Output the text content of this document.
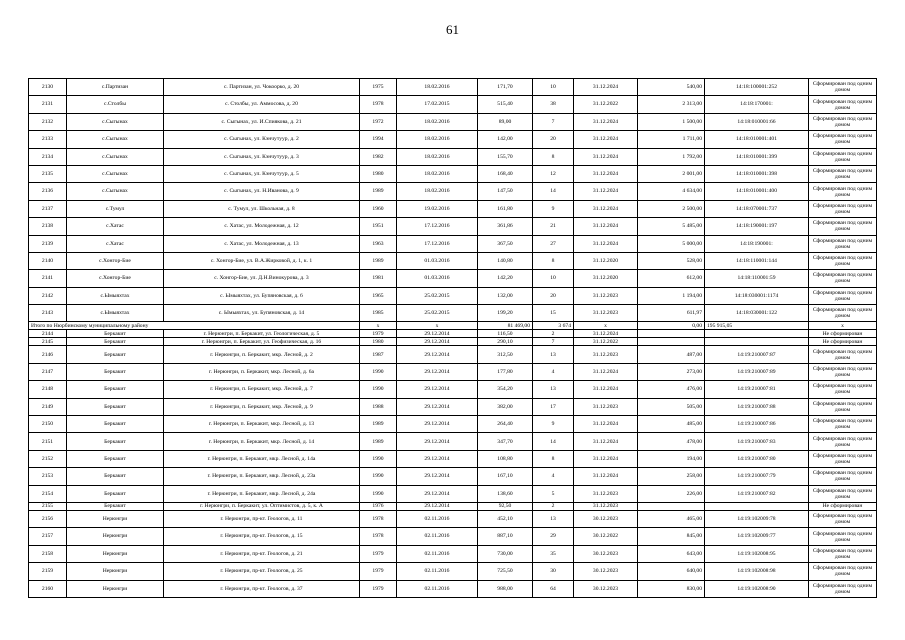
61
2130	с.Партизан	с. Партизан, ул. Чокоорко, д. 20	1975	18.02.2016	171,70	10	31.12.2024	540,00	14:18:100001:252	Сформирован под одним домом
2131	с.Столбы	с. Столбы, ул. Аммосова, д. 20	1978	17.02.2015	515,40	38	31.12.2022	2 313,00	14:18:170001:	Сформирован под одним домом
2132	с.Сыгынах	с. Сыгынах, ул. И.Спиякова, д. 21	1972	18.02.2016	89,00	7	31.12.2024	1 500,00	14:18:010001:66	Сформирован под одним домом
2133	с.Сыгынах	с. Сыгынах, ул. Кэнчутуур, д. 2	1994	18.02.2016	142,00	20	31.12.2024	1 711,00	14:18:010001:401	Сформирован под одним домом
2134	с.Сыгынах	с. Сыгынах, ул. Кэнчутуур, д. 3	1982	18.02.2016	155,70	8	31.12.2024	1 792,00	14:18:010001:399	Сформирован под одним домом
2135	с.Сыгынах	с. Сыгынах, ул. Кэнчутуур, д. 5	1980	18.02.2016	168,40	12	31.12.2024	2 001,00	14:18:010001:398	Сформирован под одним домом
2136	с.Сыгынах	с. Сыгынах, ул. Н.Иванова, д. 9	1989	18.02.2016	147,50	14	31.12.2024	4 634,00	14:18:010001:400	Сформирован под одним домом
2137	с.Тумул	с. Тумул, ул. Школьная, д. 8	1960	19.02.2016	161,80	9	31.12.2024	2 500,00	14:18:070001:737	Сформирован под одним домом
2138	с.Хатас	с. Хатас, ул. Молодежная, д. 12	1951	17.12.2016	361,86	21	31.12.2024	5 485,00	14:18:190001:197	Сформирован под одним домом
2139	с.Хатас	с. Хатас, ул. Молодежная, д. 13	1963	17.12.2016	367,50	27	31.12.2024	5 000,00	14:18:190001:	Сформирован под одним домом
2140	с.Хонгор-Бие	с. Хонгор-Бие, ул. В.А.Жирковой, д. 1, к. 1	1989	01.03.2016	140,80	8	31.12.2020	528,00	14:18:110001:144	Сформирован под одним домом
2141	с.Хонгор-Бие	с. Хонгор-Бие, ул. Д.Н.Винокурова, д. 3	1981	01.03.2016	142,20	10	31.12.2020	612,00	14:18:110001:59	Сформирован под одним домом
2142	с.Ымыяхтах	с. Ымыяхтах, ул. Бупяновская, д. 6	1965	25.02.2015	132,00	20	31.12.2023	1 194,00	14:18:030001:1174	Сформирован под одним домом
2143	с.Ымыяхтах	с. Ымыяхтах, ул. Бупяновская, д. 14	1985	25.02.2015	199,20	15	31.12.2023	611,97	14:18:030001:122	Сформирован под одним домом
Итого по Нюрбинскому муниципальному району			x	x	81 469,00	3 674	x	0,00	195 915,05	x
2144	Беркакит	г. Нерюнгри, п. Беркакит, ул. Геологическая, д. 5	1979	29.12.2014	116,50	2	31.12.2024			Не сформирован
2145	Беркакит	г. Нерюнгри, п. Беркакит, ул. Геофизическая, д. 16	1980	29.12.2014	290,10	7	31.12.2022			Не сформирован
2146	Беркакит	г. Нерюнгри, п. Беркакит, мкр. Лесной, д. 2	1987	29.12.2014	312,50	13	31.12.2023	487,00	14:19:210007:87	Сформирован под одним домом
2147	Беркакит	г. Нерюнгри, п. Беркакит, мкр. Лесной, д. 6а	1990	29.12.2014	177,80	4	31.12.2024	273,00	14:19:210007:89	Сформирован под одним домом
2148	Беркакит	г. Нерюнгри, п. Беркакит, мкр. Лесной, д. 7	1990	29.12.2014	354,20	13	31.12.2024	476,00	14:19:210007:81	Сформирован под одним домом
2149	Беркакит	г. Нерюнгри, п. Беркакит, мкр. Лесной, д. 9	1988	29.12.2014	382,00	17	31.12.2023	505,00	14:19:210007:88	Сформирован под одним домом
2150	Беркакит	г. Нерюнгри, п. Беркакит, мкр. Лесной, д. 13	1989	29.12.2014	264,40	9	31.12.2024	485,00	14:19:210007:86	Сформирован под одним домом
2151	Беркакит	г. Нерюнгри, п. Беркакит, мкр. Лесной, д. 14	1989	29.12.2014	347,70	14	31.12.2024	478,00	14:19:210007:83	Сформирован под одним домом
2152	Беркакит	г. Нерюнгри, п. Беркакит, мкр. Лесной, д. 14а	1990	29.12.2014	108,80	8	31.12.2024	194,00	14:19:210007:80	Сформирован под одним домом
2153	Беркакит	г. Нерюнгри, п. Беркакит, мкр. Лесной, д. 23а	1990	29.12.2014	167,10	4	31.12.2024	258,00	14:19:210007:79	Сформирован под одним домом
2154	Беркакит	г. Нерюнгри, п. Беркакит, мкр. Лесной, д. 24а	1990	29.12.2014	138,60	5	31.12.2023	226,00	14:19:210007:82	Сформирован под одним домом
2155	Беркакит	г. Нерюнгри, п. Беркакит, ул. Оптимистов, д. 5, к. А	1976	29.12.2014	92,50	2	31.12.2023			Не сформирован
2156	Нерюнгри	г. Нерюнгри, пр-кт. Геологов, д. 11	1978	02.11.2016	452,10	13	30.12.2023	465,00	14:19:102009:78	Сформирован под одним домом
2157	Нерюнгри	г. Нерюнгри, пр-кт. Геологов, д. 15	1978	02.11.2016	887,10	29	30.12.2022	845,00	14:19:102009:77	Сформирован под одним домом
2158	Нерюнгри	г. Нерюнгри, пр-кт. Геологов, д. 21	1979	02.11.2016	730,00	35	30.12.2023	643,00	14:19:102008:95	Сформирован под одним домом
2159	Нерюнгри	г. Нерюнгри, пр-кт. Геологов, д. 25	1979	02.11.2016	725,50	30	30.12.2023	640,00	14:19:102008:98	Сформирован под одним домом
2160	Нерюнгри	г. Нерюнгри, пр-кт. Геологов, д. 37	1979	02.11.2016	988,00	64	30.12.2023	830,00	14:19:102008:90	Сформирован под одним домом
